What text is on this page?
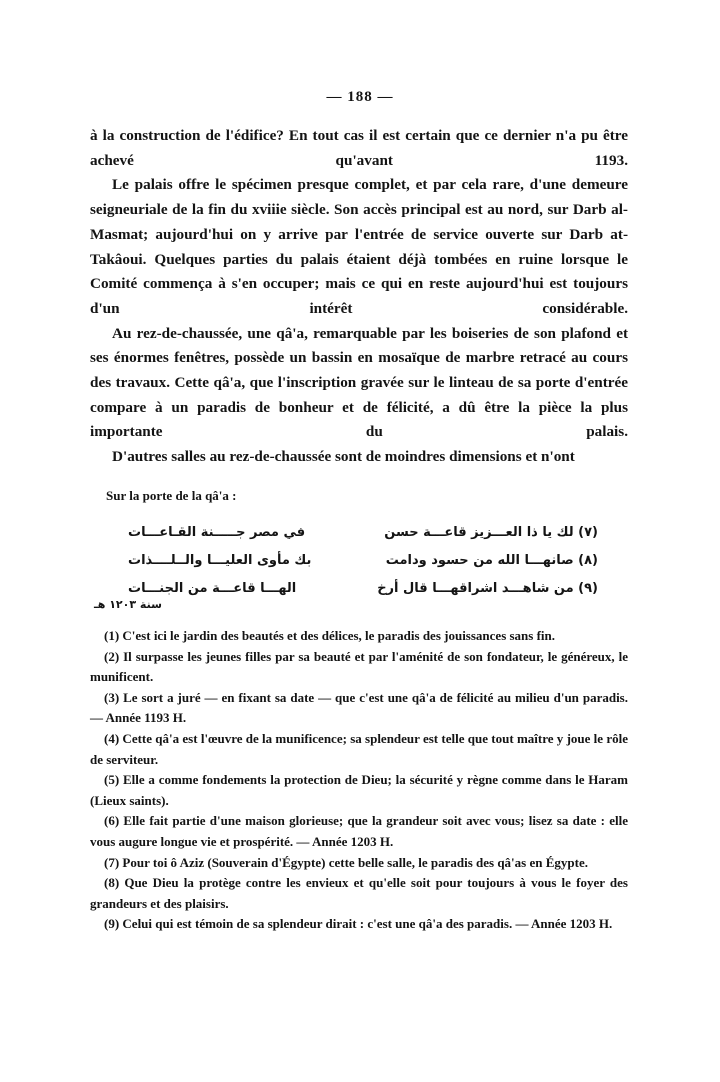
— 188 —

à la construction de l'édifice? En tout cas il est certain que ce dernier n'a pu être achevé qu'avant 1193.

Le palais offre le spécimen presque complet, et par cela rare, d'une demeure seigneuriale de la fin du xviiie siècle. Son accès principal est au nord, sur Darb al-Masmat; aujourd'hui on y arrive par l'entrée de service ouverte sur Darb at-Takâoui. Quelques parties du palais étaient déjà tombées en ruine lorsque le Comité commença à s'en occuper; mais ce qui en reste aujourd'hui est toujours d'un intérêt considérable.

Au rez-de-chaussée, une qâ'a, remarquable par les boiseries de son plafond et ses énormes fenêtres, possède un bassin en mosaïque de marbre retracé au cours des travaux. Cette qâ'a, que l'inscription gravée sur le linteau de sa porte d'entrée compare à un paradis de bonheur et de félicité, a dû être la pièce la plus importante du palais.

D'autres salles au rez-de-chaussée sont de moindres dimensions et n'ont

Sur la porte de la qâ'a :
(٧) لك يا ذا العـــزيز قاعـــة حسن
في مصر جـــــنة القـاعـــات
(٨) صانهـــا الله من حسود ودامت
بك مأوى العليـــا والــلــــذات
(٩) من شاهـــد اشراقهـــا قال أرخ
الهـــا قاعـــة من الجنـــات
سنة ١٢٠٣ هـ

(1) C'est ici le jardin des beautés et des délices, le paradis des jouissances sans fin.

(2) Il surpasse les jeunes filles par sa beauté et par l'aménité de son fondateur, le généreux, le munificent.

(3) Le sort a juré — en fixant sa date — que c'est une qâ'a de félicité au milieu d'un paradis. — Année 1193 H.

(4) Cette qâ'a est l'œuvre de la munificence; sa splendeur est telle que tout maître y joue le rôle de serviteur.

(5) Elle a comme fondements la protection de Dieu; la sécurité y règne comme dans le Haram (Lieux saints).

(6) Elle fait partie d'une maison glorieuse; que la grandeur soit avec vous; lisez sa date : elle vous augure longue vie et prospérité. — Année 1203 H.

(7) Pour toi ô Aziz (Souverain d'Égypte) cette belle salle, le paradis des qâ'as en Égypte.

(8) Que Dieu la protège contre les envieux et qu'elle soit pour toujours à vous le foyer des grandeurs et des plaisirs.

(9) Celui qui est témoin de sa splendeur dirait : c'est une qâ'a des paradis. — Année 1203 H.
